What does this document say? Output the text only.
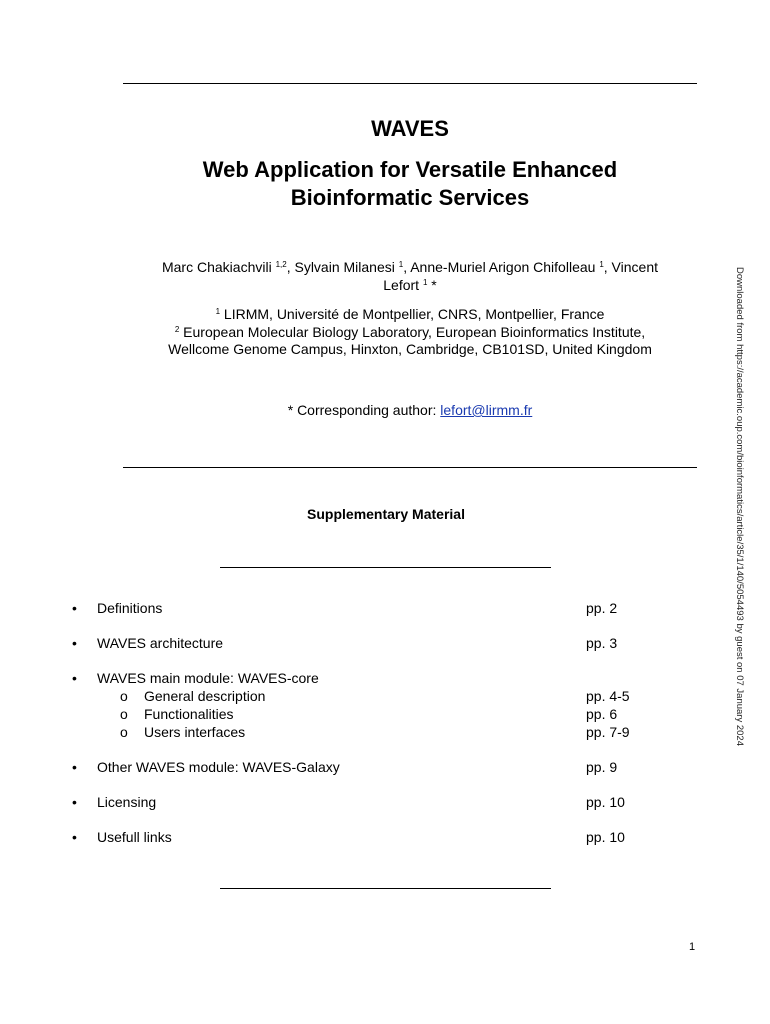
WAVES
Web Application for Versatile Enhanced
Bioinformatic Services
Marc Chakiachvili $^{1,2}$, Sylvain Milanesi $^1$, Anne-Muriel Arigon Chifolleau $^1$, Vincent
Lefort $^1$ *
$^1$ LIRMM, Université de Montpellier, CNRS, Montpellier, France
$^2$ European Molecular Biology Laboratory, European Bioinformatics Institute,
Wellcome Genome Campus, Hinxton, Cambridge, CB101SD, United Kingdom
* Corresponding author: lefort@lirmm.fr
Supplementary Material
• Definitions	pp. 2
• WAVES architecture	pp. 3
• WAVES main module: WAVES-core
o General description	pp. 4-5
o Functionalities	pp. 6
o Users interfaces	pp. 7-9
• Other WAVES module: WAVES-Galaxy	pp. 9
• Licensing	pp. 10
• Usefull links	pp. 10
Downloaded from https://academic.oup.com/bioinformatics/article/35/1/140/5054493 by guest on 07 January 2024
1
